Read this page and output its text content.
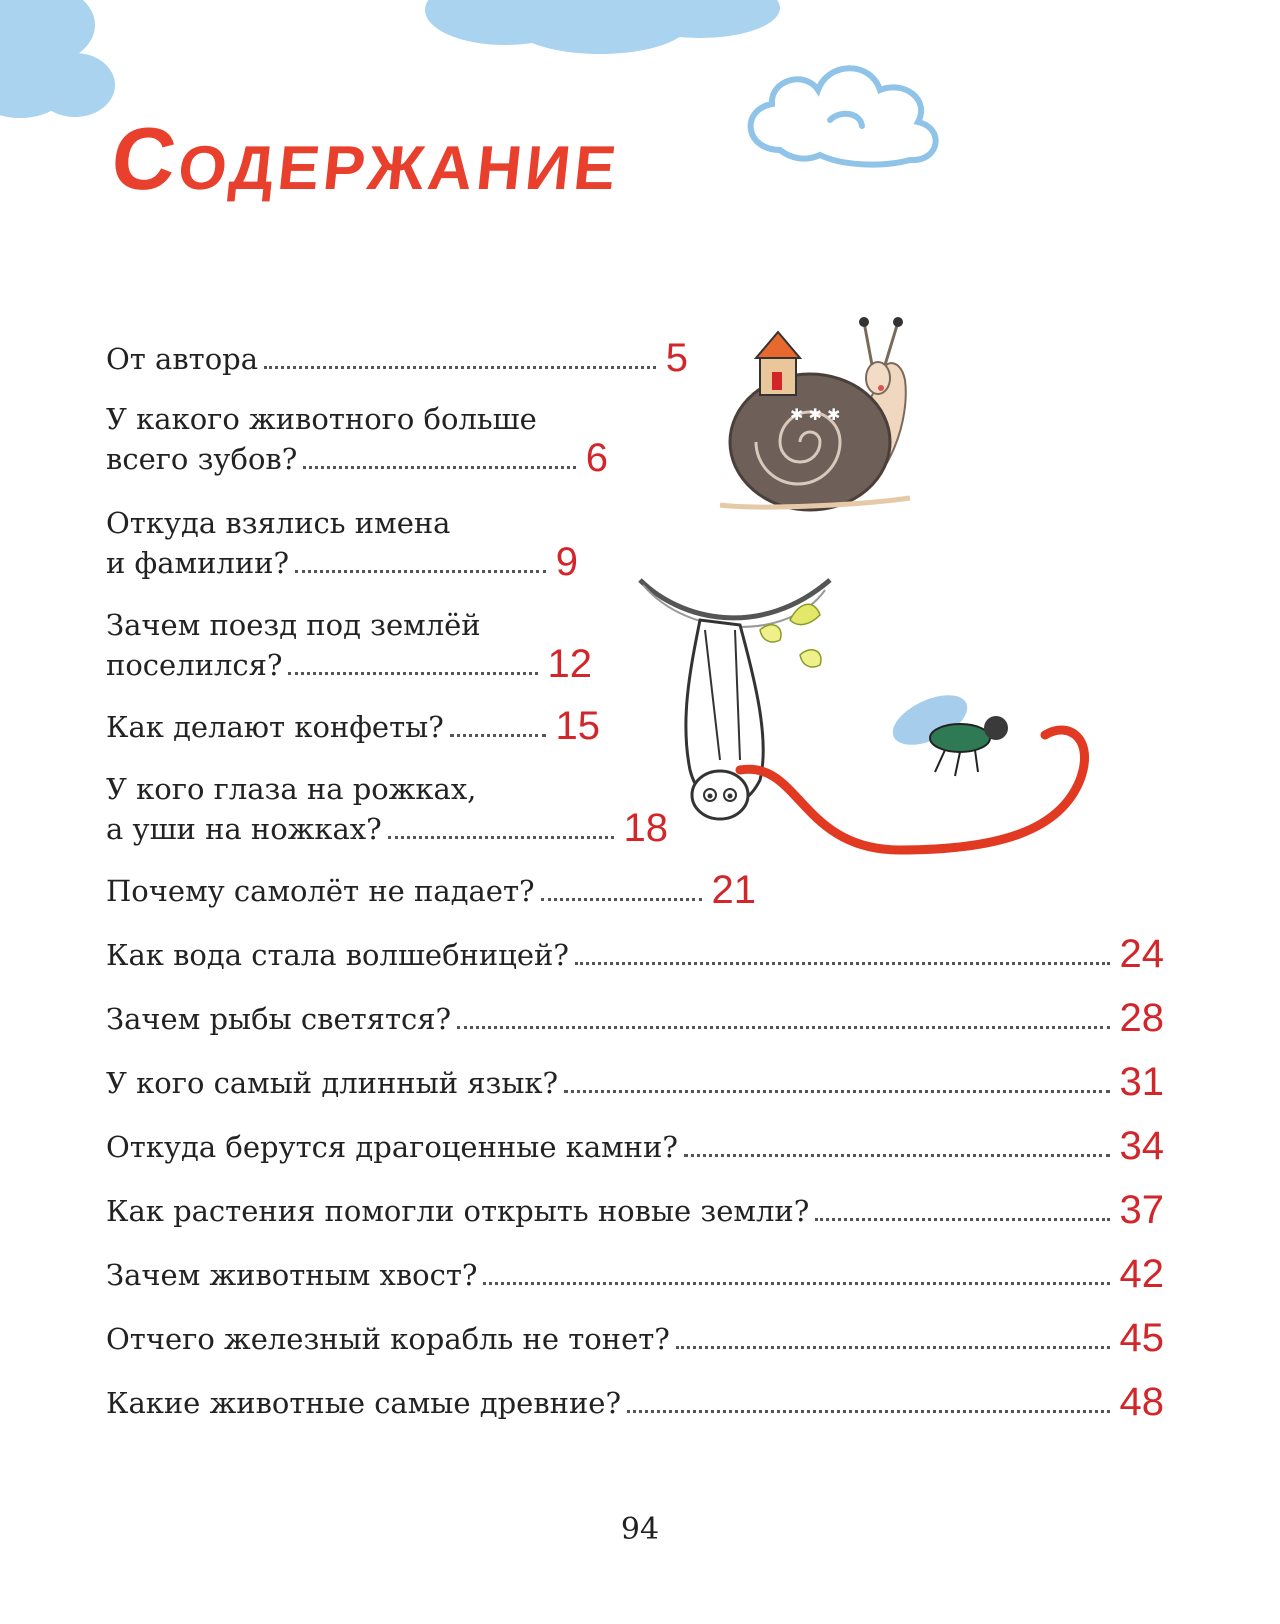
✱ ✱ ✱
Содержание
От автора	5
У какого животного больше
всего зубов?	6
Откуда взялись имена
и фамилии?	9
Зачем поезд под землёй
поселился?	12
Как делают конфеты?	15
У кого глаза на рожках,
а уши на ножках?	18
Почему самолёт не падает?	21
Как вода стала волшебницей?	24
Зачем рыбы светятся?	28
У кого самый длинный язык?	31
Откуда берутся драгоценные камни?	34
Как растения помогли открыть новые земли?	37
Зачем животным хвост?	42
Отчего железный корабль не тонет?	45
Какие животные самые древние?	48
94
